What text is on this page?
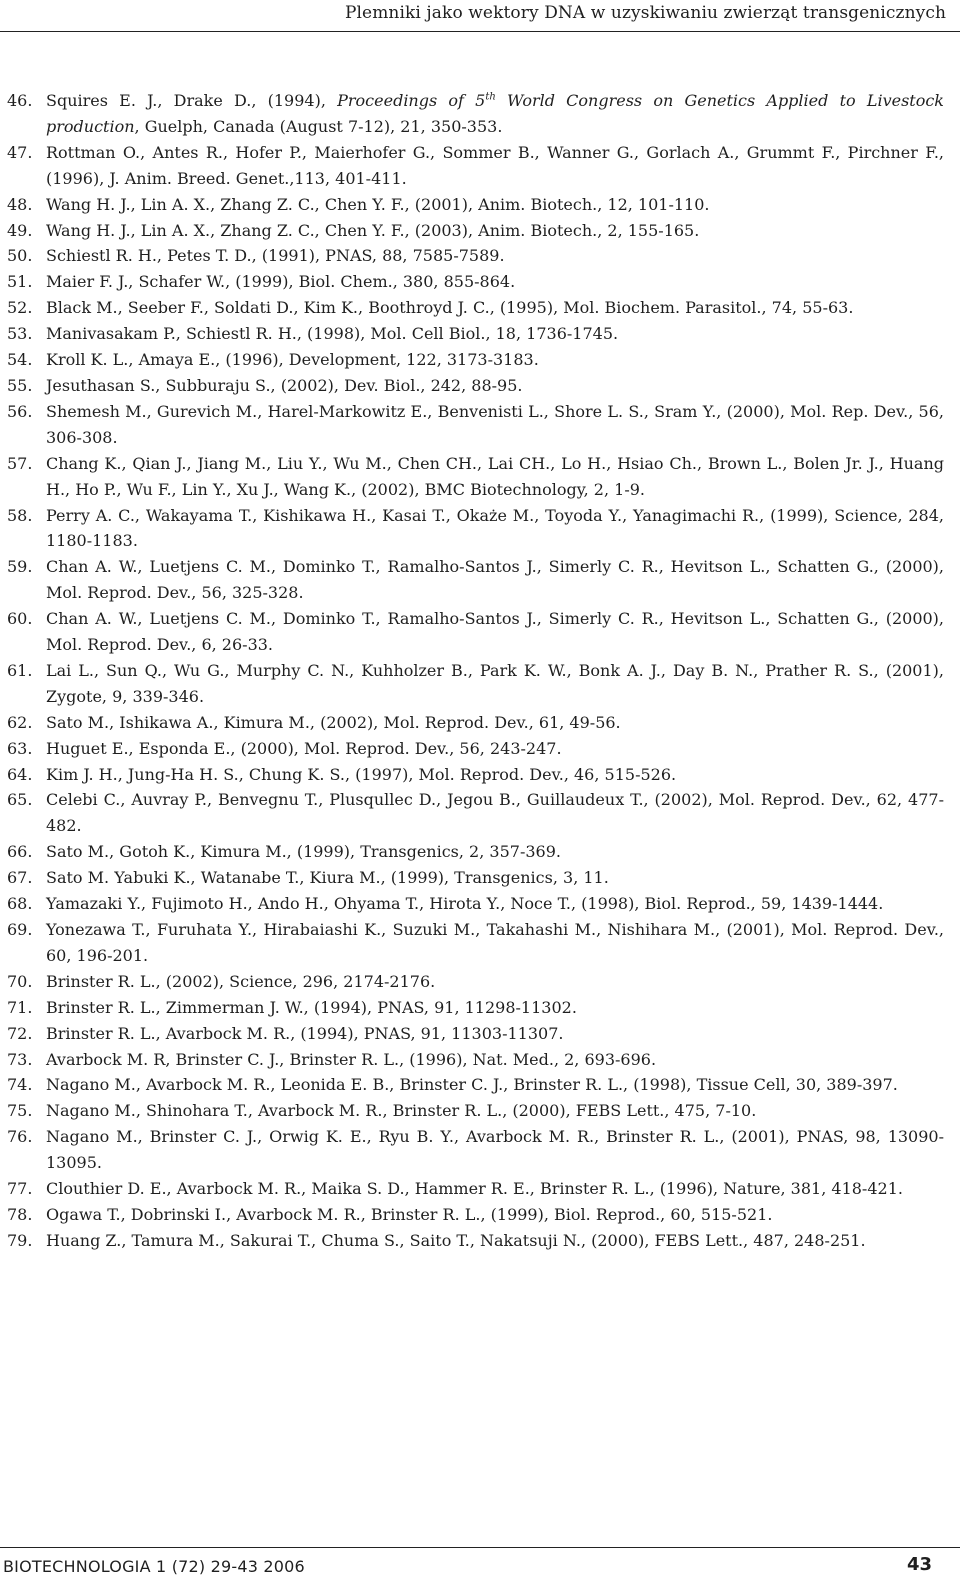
Plemniki jako wektory DNA w uzyskiwaniu zwierząt transgenicznych
46. Squires E. J., Drake D., (1994), Proceedings of 5th World Congress on Genetics Applied to Livestock production, Guelph, Canada (August 7-12), 21, 350-353.
47. Rottman O., Antes R., Hofer P., Maierhofer G., Sommer B., Wanner G., Gorlach A., Grummt F., Pirchner F., (1996), J. Anim. Breed. Genet.,113, 401-411.
48. Wang H. J., Lin A. X., Zhang Z. C., Chen Y. F., (2001), Anim. Biotech., 12, 101-110.
49. Wang H. J., Lin A. X., Zhang Z. C., Chen Y. F., (2003), Anim. Biotech., 2, 155-165.
50. Schiestl R. H., Petes T. D., (1991), PNAS, 88, 7585-7589.
51. Maier F. J., Schafer W., (1999), Biol. Chem., 380, 855-864.
52. Black M., Seeber F., Soldati D., Kim K., Boothroyd J. C., (1995), Mol. Biochem. Parasitol., 74, 55-63.
53. Manivasakam P., Schiestl R. H., (1998), Mol. Cell Biol., 18, 1736-1745.
54. Kroll K. L., Amaya E., (1996), Development, 122, 3173-3183.
55. Jesuthasan S., Subburaju S., (2002), Dev. Biol., 242, 88-95.
56. Shemesh M., Gurevich M., Harel-Markowitz E., Benvenisti L., Shore L. S., Sram Y., (2000), Mol. Rep. Dev., 56, 306-308.
57. Chang K., Qian J., Jiang M., Liu Y., Wu M., Chen CH., Lai CH., Lo H., Hsiao Ch., Brown L., Bolen Jr. J., Huang H., Ho P., Wu F., Lin Y., Xu J., Wang K., (2002), BMC Biotechnology, 2, 1-9.
58. Perry A. C., Wakayama T., Kishikawa H., Kasai T., Okaże M., Toyoda Y., Yanagimachi R., (1999), Science, 284, 1180-1183.
59. Chan A. W., Luetjens C. M., Dominko T., Ramalho-Santos J., Simerly C. R., Hevitson L., Schatten G., (2000), Mol. Reprod. Dev., 56, 325-328.
60. Chan A. W., Luetjens C. M., Dominko T., Ramalho-Santos J., Simerly C. R., Hevitson L., Schatten G., (2000), Mol. Reprod. Dev., 6, 26-33.
61. Lai L., Sun Q., Wu G., Murphy C. N., Kuhholzer B., Park K. W., Bonk A. J., Day B. N., Prather R. S., (2001), Zygote, 9, 339-346.
62. Sato M., Ishikawa A., Kimura M., (2002), Mol. Reprod. Dev., 61, 49-56.
63. Huguet E., Esponda E., (2000), Mol. Reprod. Dev., 56, 243-247.
64. Kim J. H., Jung-Ha H. S., Chung K. S., (1997), Mol. Reprod. Dev., 46, 515-526.
65. Celebi C., Auvray P., Benvegnu T., Plusqullec D., Jegou B., Guillaudeux T., (2002), Mol. Reprod. Dev., 62, 477-482.
66. Sato M., Gotoh K., Kimura M., (1999), Transgenics, 2, 357-369.
67. Sato M. Yabuki K., Watanabe T., Kiura M., (1999), Transgenics, 3, 11.
68. Yamazaki Y., Fujimoto H., Ando H., Ohyama T., Hirota Y., Noce T., (1998), Biol. Reprod., 59, 1439-1444.
69. Yonezawa T., Furuhata Y., Hirabaiashi K., Suzuki M., Takahashi M., Nishihara M., (2001), Mol. Reprod. Dev., 60, 196-201.
70. Brinster R. L., (2002), Science, 296, 2174-2176.
71. Brinster R. L., Zimmerman J. W., (1994), PNAS, 91, 11298-11302.
72. Brinster R. L., Avarbock M. R., (1994), PNAS, 91, 11303-11307.
73. Avarbock M. R, Brinster C. J., Brinster R. L., (1996), Nat. Med., 2, 693-696.
74. Nagano M., Avarbock M. R., Leonida E. B., Brinster C. J., Brinster R. L., (1998), Tissue Cell, 30, 389-397.
75. Nagano M., Shinohara T., Avarbock M. R., Brinster R. L., (2000), FEBS Lett., 475, 7-10.
76. Nagano M., Brinster C. J., Orwig K. E., Ryu B. Y., Avarbock M. R., Brinster R. L., (2001), PNAS, 98, 13090-13095.
77. Clouthier D. E., Avarbock M. R., Maika S. D., Hammer R. E., Brinster R. L., (1996), Nature, 381, 418-421.
78. Ogawa T., Dobrinski I., Avarbock M. R., Brinster R. L., (1999), Biol. Reprod., 60, 515-521.
79. Huang Z., Tamura M., Sakurai T., Chuma S., Saito T., Nakatsuji N., (2000), FEBS Lett., 487, 248-251.
BIOTECHNOLOGIA 1 (72) 29-43 2006	43
